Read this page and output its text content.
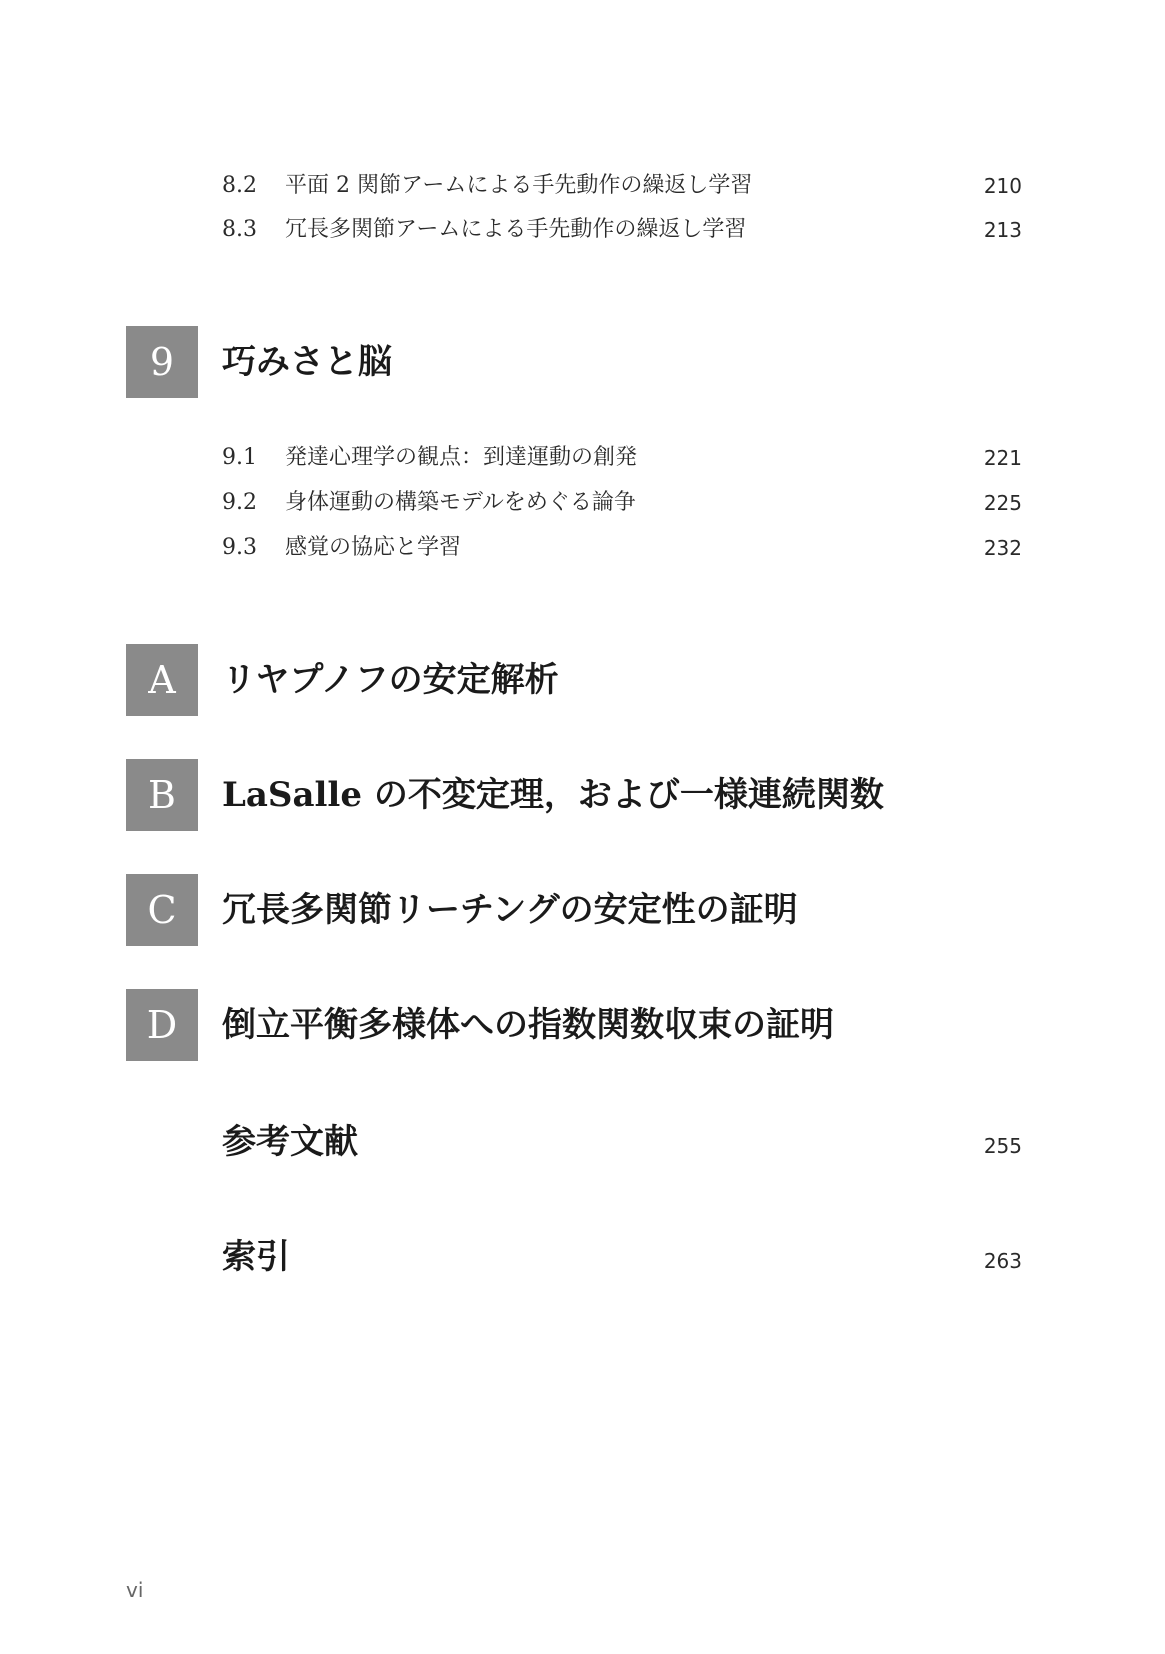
8.2 平面 2 関節アームによる手先動作の繰返し学習	210
8.3 冗長多関節アームによる手先動作の繰返し学習	213
9	巧みさと脳
9.1 発達心理学の観点：到達運動の創発	221
9.2 身体運動の構築モデルをめぐる論争	225
9.3 感覚の協応と学習	232
A	リヤプノフの安定解析
B	LaSalle の不変定理，および一様連続関数
C	冗長多関節リーチングの安定性の証明
D	倒立平衡多様体への指数関数収束の証明
参考文献	255
索引	263
vi
